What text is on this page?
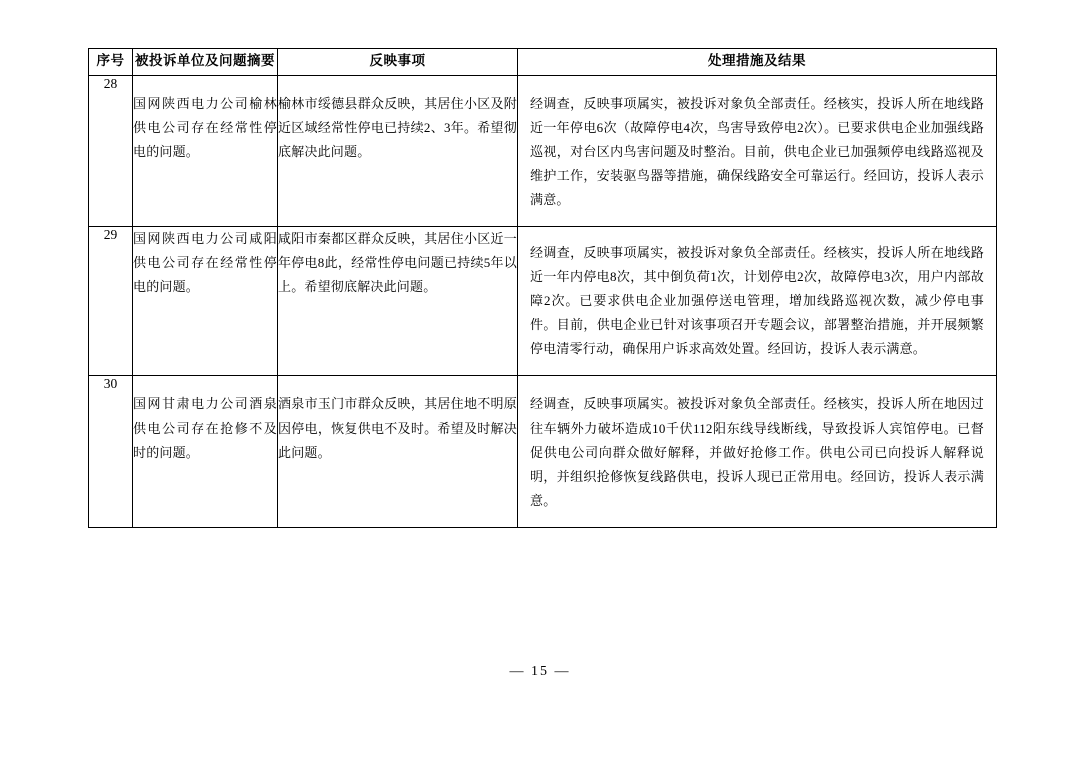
序号	被投诉单位及问题摘要	反映事项	处理措施及结果
28	国网陕西电力公司榆林供电公司存在经常性停电的问题。	榆林市绥德县群众反映，其居住小区及附近区域经常性停电已持续2、3年。希望彻底解决此问题。	经调查，反映事项属实，被投诉对象负全部责任。经核实，投诉人所在地线路近一年停电6次（故障停电4次，鸟害导致停电2次）。已要求供电企业加强线路巡视，对台区内鸟害问题及时整治。目前，供电企业已加强频停电线路巡视及维护工作，安装驱鸟器等措施，确保线路安全可靠运行。经回访，投诉人表示满意。
29	国网陕西电力公司咸阳供电公司存在经常性停电的问题。	咸阳市秦都区群众反映，其居住小区近一年停电8此，经常性停电问题已持续5年以上。希望彻底解决此问题。	经调查，反映事项属实，被投诉对象负全部责任。经核实，投诉人所在地线路近一年内停电8次，其中倒负荷1次，计划停电2次，故障停电3次，用户内部故障2次。已要求供电企业加强停送电管理，增加线路巡视次数，减少停电事件。目前，供电企业已针对该事项召开专题会议，部署整治措施，并开展频繁停电清零行动，确保用户诉求高效处置。经回访，投诉人表示满意。
30	国网甘肃电力公司酒泉供电公司存在抢修不及时的问题。	酒泉市玉门市群众反映，其居住地不明原因停电，恢复供电不及时。希望及时解决此问题。	经调查，反映事项属实。被投诉对象负全部责任。经核实，投诉人所在地因过往车辆外力破坏造成10千伏112阳东线导线断线，导致投诉人宾馆停电。已督促供电公司向群众做好解释，并做好抢修工作。供电公司已向投诉人解释说明，并组织抢修恢复线路供电，投诉人现已正常用电。经回访，投诉人表示满意。
— 15 —
